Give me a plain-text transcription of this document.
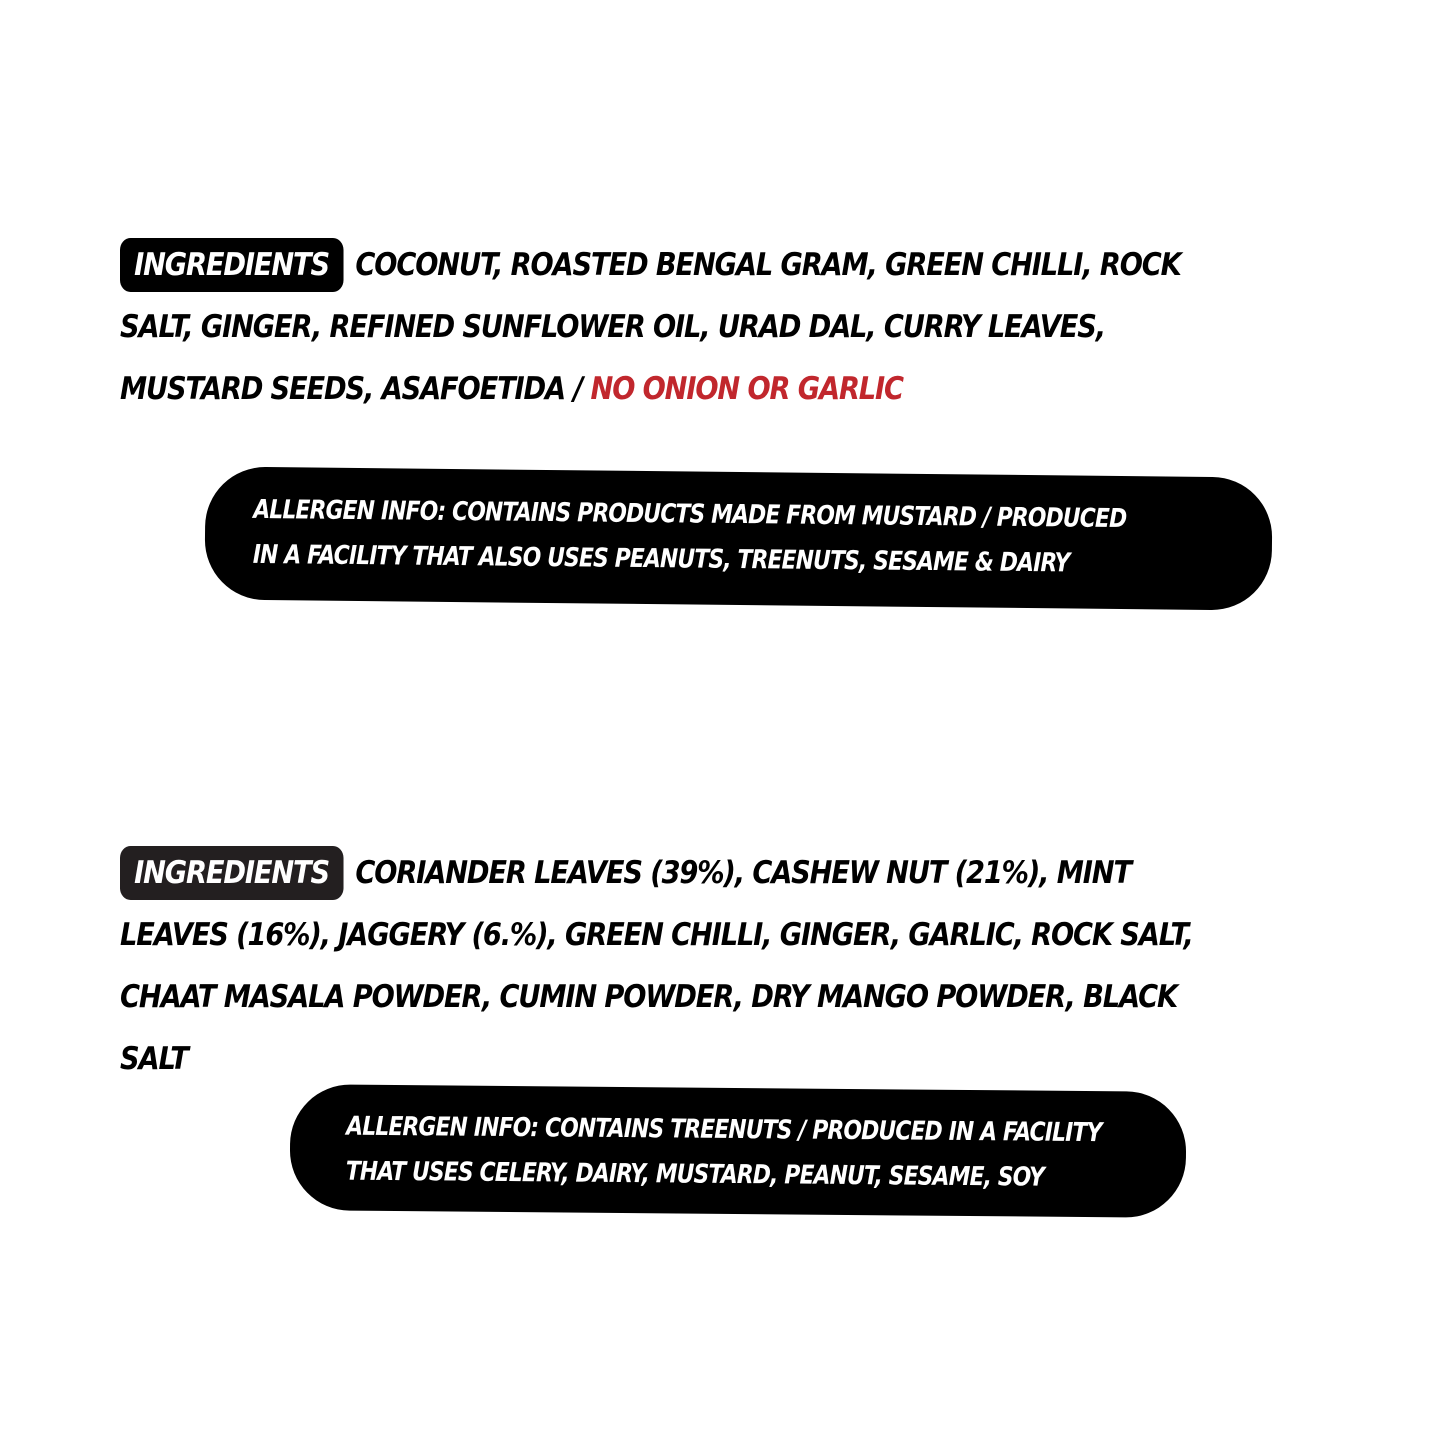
INGREDIENTS COCONUT, ROASTED BENGAL GRAM, GREEN CHILLI, ROCK SALT, GINGER, REFINED SUNFLOWER OIL, URAD DAL, CURRY LEAVES, MUSTARD SEEDS, ASAFOETIDA / NO ONION OR GARLIC
ALLERGEN INFO: CONTAINS PRODUCTS MADE FROM MUSTARD / PRODUCED
IN A FACILITY THAT ALSO USES PEANUTS, TREENUTS, SESAME & DAIRY
INGREDIENTS CORIANDER LEAVES (39%), CASHEW NUT (21%), MINT LEAVES (16%), JAGGERY (6.%), GREEN CHILLI, GINGER, GARLIC, ROCK SALT, CHAAT MASALA POWDER, CUMIN POWDER, DRY MANGO POWDER, BLACK SALT
ALLERGEN INFO: CONTAINS TREENUTS / PRODUCED IN A FACILITY
THAT USES CELERY, DAIRY, MUSTARD, PEANUT, SESAME, SOY
